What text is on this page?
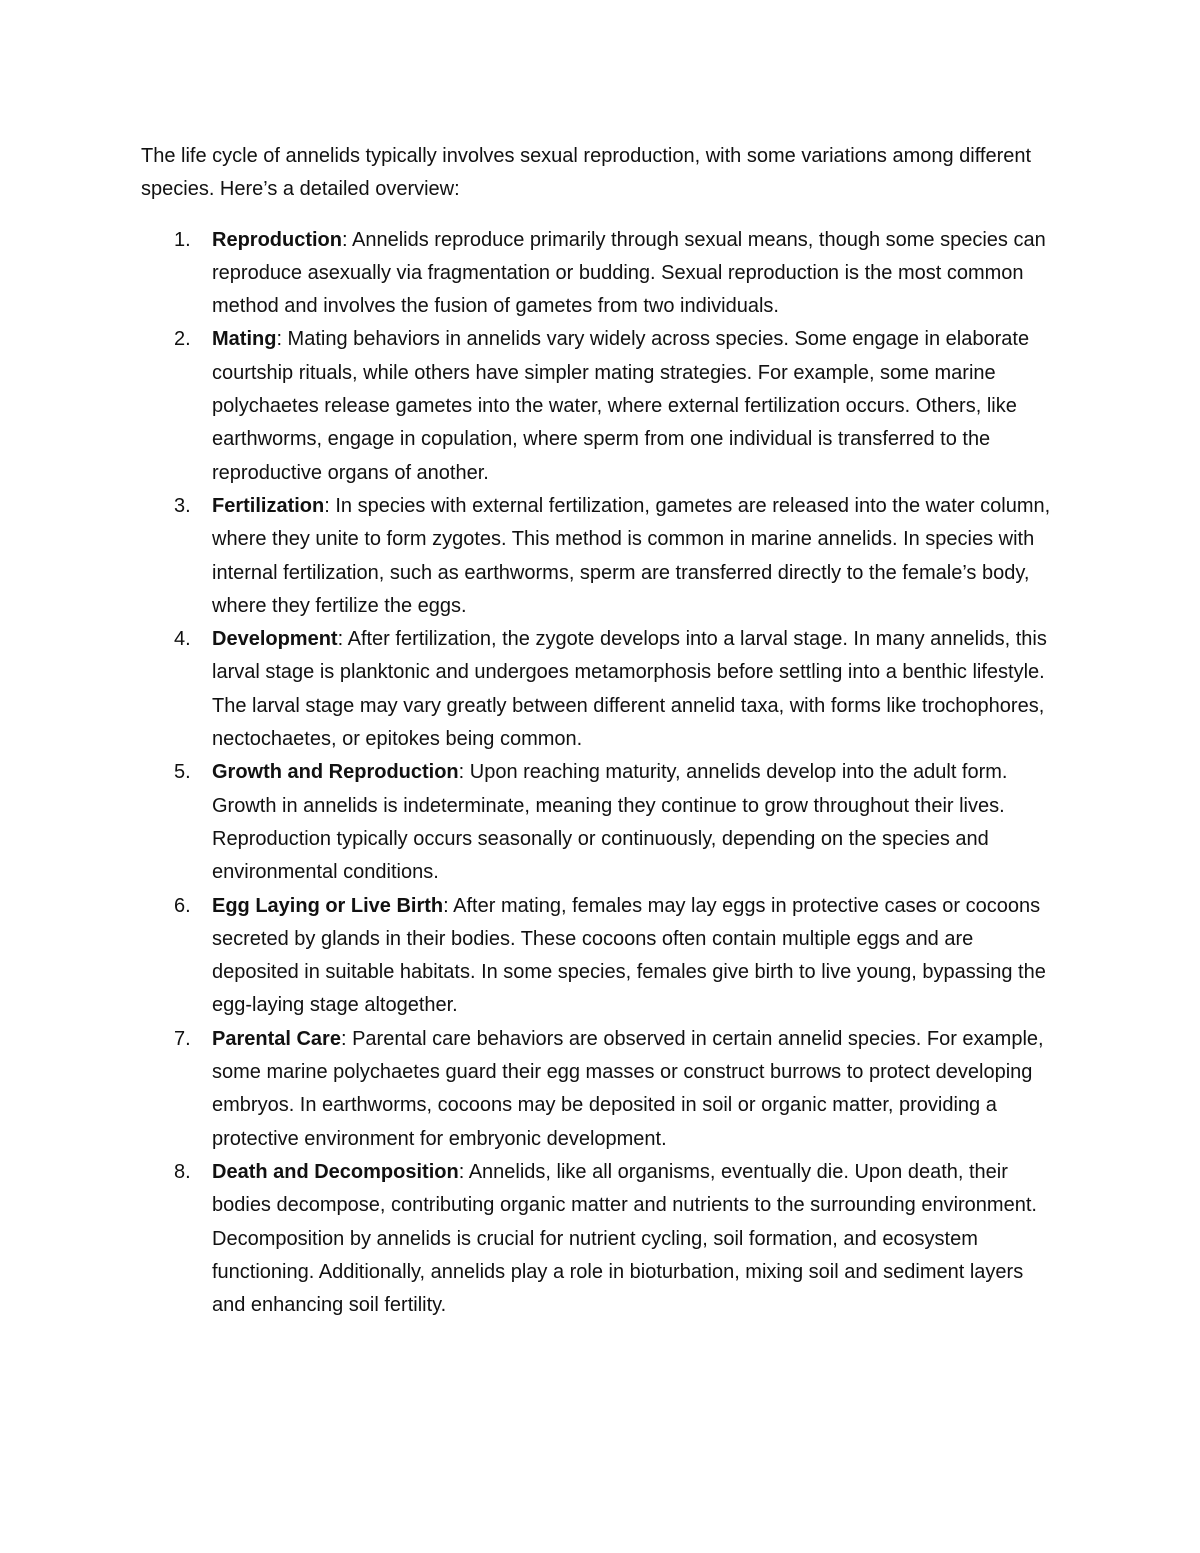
The life cycle of annelids typically involves sexual reproduction, with some variations among different species. Here’s a detailed overview:

1. Reproduction: Annelids reproduce primarily through sexual means, though some species can reproduce asexually via fragmentation or budding. Sexual reproduction is the most common method and involves the fusion of gametes from two individuals.
2. Mating: Mating behaviors in annelids vary widely across species. Some engage in elaborate courtship rituals, while others have simpler mating strategies. For example, some marine polychaetes release gametes into the water, where external fertilization occurs. Others, like earthworms, engage in copulation, where sperm from one individual is transferred to the reproductive organs of another.
3. Fertilization: In species with external fertilization, gametes are released into the water column, where they unite to form zygotes. This method is common in marine annelids. In species with internal fertilization, such as earthworms, sperm are transferred directly to the female’s body, where they fertilize the eggs.
4. Development: After fertilization, the zygote develops into a larval stage. In many annelids, this larval stage is planktonic and undergoes metamorphosis before settling into a benthic lifestyle. The larval stage may vary greatly between different annelid taxa, with forms like trochophores, nectochaetes, or epitokes being common.
5. Growth and Reproduction: Upon reaching maturity, annelids develop into the adult form. Growth in annelids is indeterminate, meaning they continue to grow throughout their lives. Reproduction typically occurs seasonally or continuously, depending on the species and environmental conditions.
6. Egg Laying or Live Birth: After mating, females may lay eggs in protective cases or cocoons secreted by glands in their bodies. These cocoons often contain multiple eggs and are deposited in suitable habitats. In some species, females give birth to live young, bypassing the egg-laying stage altogether.
7. Parental Care: Parental care behaviors are observed in certain annelid species. For example, some marine polychaetes guard their egg masses or construct burrows to protect developing embryos. In earthworms, cocoons may be deposited in soil or organic matter, providing a protective environment for embryonic development.
8. Death and Decomposition: Annelids, like all organisms, eventually die. Upon death, their bodies decompose, contributing organic matter and nutrients to the surrounding environment. Decomposition by annelids is crucial for nutrient cycling, soil formation, and ecosystem functioning. Additionally, annelids play a role in bioturbation, mixing soil and sediment layers and enhancing soil fertility.
